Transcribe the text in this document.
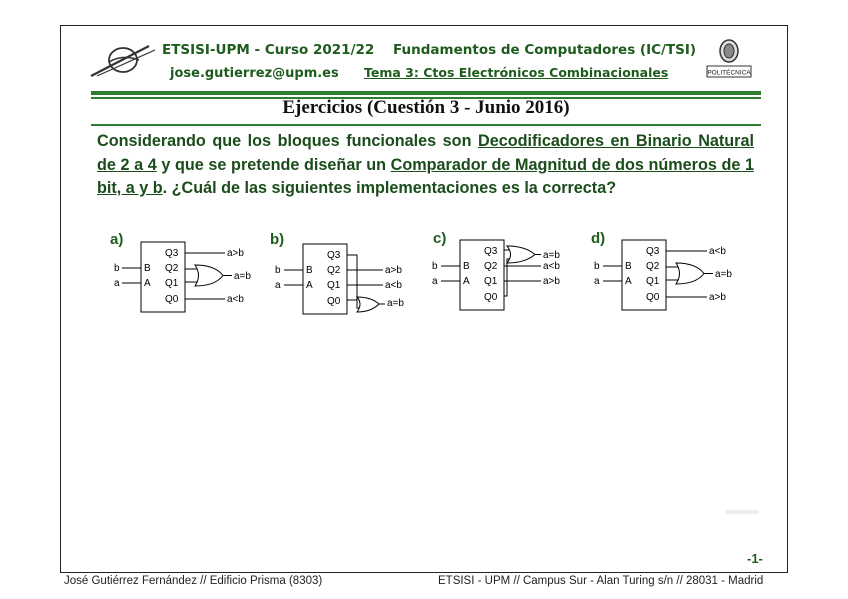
ETSISI-UPM - Curso 2021/22
jose.gutierrez@upm.es
Fundamentos de Computadores (IC/TSI)
Tema 3: Ctos Electrónicos Combinacionales	POLITÉCNICA
Ejercicios (Cuestión 3 - Junio 2016)
Considerando que los bloques funcionales son Decodificadores en Binario Natural de 2 a 4 y que se pretende diseñar un Comparador de Magnitud de dos números de 1 bit, a y b. ¿Cuál de las siguientes implementaciones es la correcta?
a)
B
A
Q3
Q2
Q1
Q0
b
a
a>b
a=b
a<b
b)
B
A
Q3
Q2
Q1
Q0
b
a
a>b
a<b
a=b
c)
B
A
Q3
Q2
Q1
Q0
b
a
a=b
a<b
a>b
d)
B
A
Q3
Q2
Q1
Q0
b
a
a<b
a=b
a>b
-1-
José Gutiérrez Fernández // Edificio Prisma (8303)	ETSISI - UPM // Campus Sur - Alan Turing s/n // 28031 - Madrid
